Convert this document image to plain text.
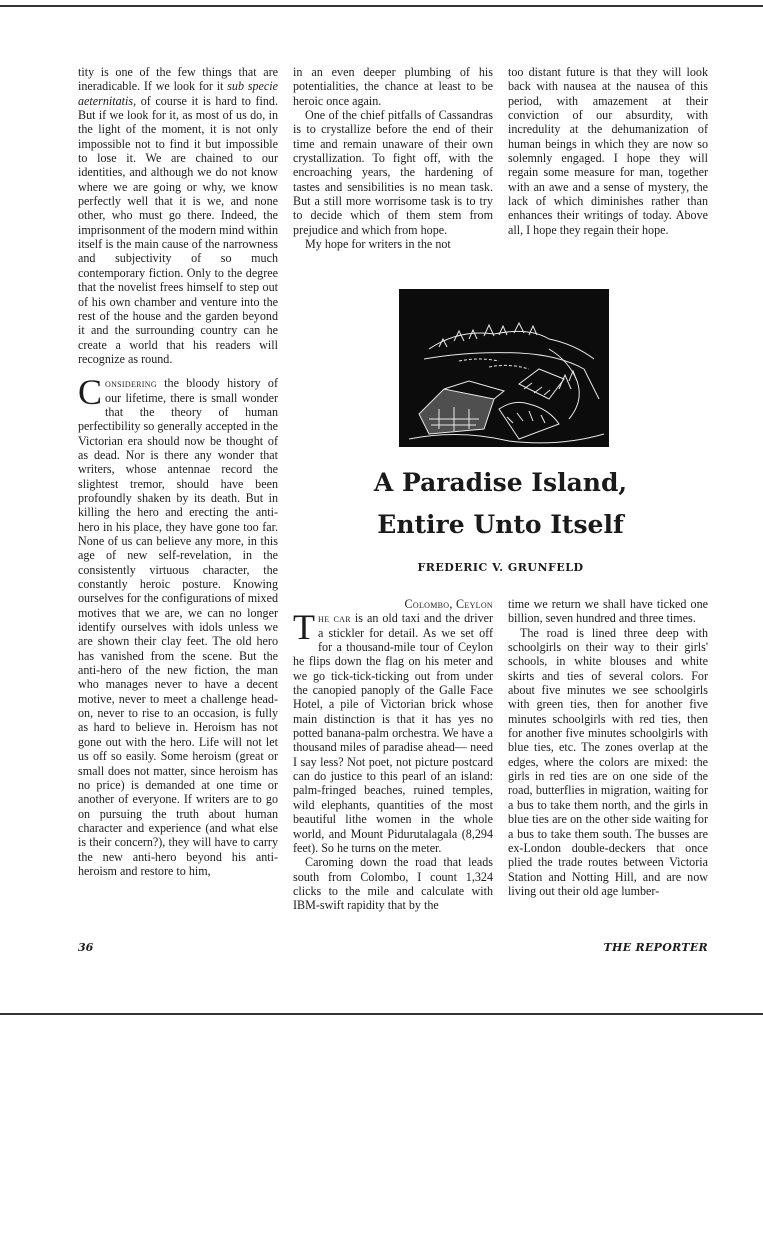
tity is one of the few things that are ineradicable. If we look for it sub specie aeternitatis, of course it is hard to find. But if we look for it, as most of us do, in the light of the moment, it is not only impossible not to find it but impossible to lose it. We are chained to our identities, and although we do not know where we are going or why, we know perfectly well that it is we, and none other, who must go there. Indeed, the imprisonment of the modern mind within itself is the main cause of the narrowness and subjectivity of so much contemporary fiction. Only to the degree that the novelist frees himself to step out of his own chamber and venture into the rest of the house and the garden beyond it and the surrounding country can he create a world that his readers will recognize as round.

Considering the bloody history of our lifetime, there is small wonder that the theory of human perfectibility so generally accepted in the Victorian era should now be thought of as dead. Nor is there any wonder that writers, whose antennae record the slightest tremor, should have been profoundly shaken by its death. But in killing the hero and erecting the anti-hero in his place, they have gone too far. None of us can believe any more, in this age of new self-revelation, in the consistently virtuous character, the constantly heroic posture. Knowing ourselves for the configurations of mixed motives that we are, we can no longer identify ourselves with idols unless we are shown their clay feet. The old hero has vanished from the scene. But the anti-hero of the new fiction, the man who manages never to have a decent motive, never to meet a challenge head-on, never to rise to an occasion, is fully as hard to believe in. Heroism has not gone out with the hero. Life will not let us off so easily. Some heroism (great or small does not matter, since heroism has no price) is demanded at one time or another of everyone. If writers are to go on pursuing the truth about human character and experience (and what else is their concern?), they will have to carry the new anti-hero beyond his anti-heroism and restore to him,

in an even deeper plumbing of his potentialities, the chance at least to be heroic once again.

One of the chief pitfalls of Cassandras is to crystallize before the end of their time and remain unaware of their own crystallization. To fight off, with the encroaching years, the hardening of tastes and sensibilities is no mean task. But a still more worrisome task is to try to decide which of them stem from prejudice and which from hope.

My hope for writers in the not

too distant future is that they will look back with nausea at the nausea of this period, with amazement at their conviction of our absurdity, with incredulity at the dehumanization of human beings in which they are now so solemnly engaged. I hope they will regain some measure for man, together with an awe and a sense of mystery, the lack of which diminishes rather than enhances their writings of today. Above all, I hope they regain their hope.

A Paradise Island,
Entire Unto Itself
FREDERIC V. GRUNFELD

Colombo, Ceylon

The car is an old taxi and the driver a stickler for detail. As we set off for a thousand-mile tour of Ceylon he flips down the flag on his meter and we go tick-tick-ticking out from under the canopied panoply of the Galle Face Hotel, a pile of Victorian brick whose main distinction is that it has yes no potted banana-palm orchestra. We have a thousand miles of paradise ahead— need I say less? Not poet, not picture postcard can do justice to this pearl of an island: palm-fringed beaches, ruined temples, wild elephants, quantities of the most beautiful lithe women in the whole world, and Mount Pidurutalagala (8,294 feet). So he turns on the meter.

Caroming down the road that leads south from Colombo, I count 1,324 clicks to the mile and calculate with IBM-swift rapidity that by the

time we return we shall have ticked one billion, seven hundred and three times.

The road is lined three deep with schoolgirls on their way to their girls' schools, in white blouses and white skirts and ties of several colors. For about five minutes we see schoolgirls with green ties, then for another five minutes schoolgirls with red ties, then for another five minutes schoolgirls with blue ties, etc. The zones overlap at the edges, where the colors are mixed: the girls in red ties are on one side of the road, butterflies in migration, waiting for a bus to take them north, and the girls in blue ties are on the other side waiting for a bus to take them south. The busses are ex-London double-deckers that once plied the trade routes between Victoria Station and Notting Hill, and are now living out their old age lumber-

36	THE REPORTER
